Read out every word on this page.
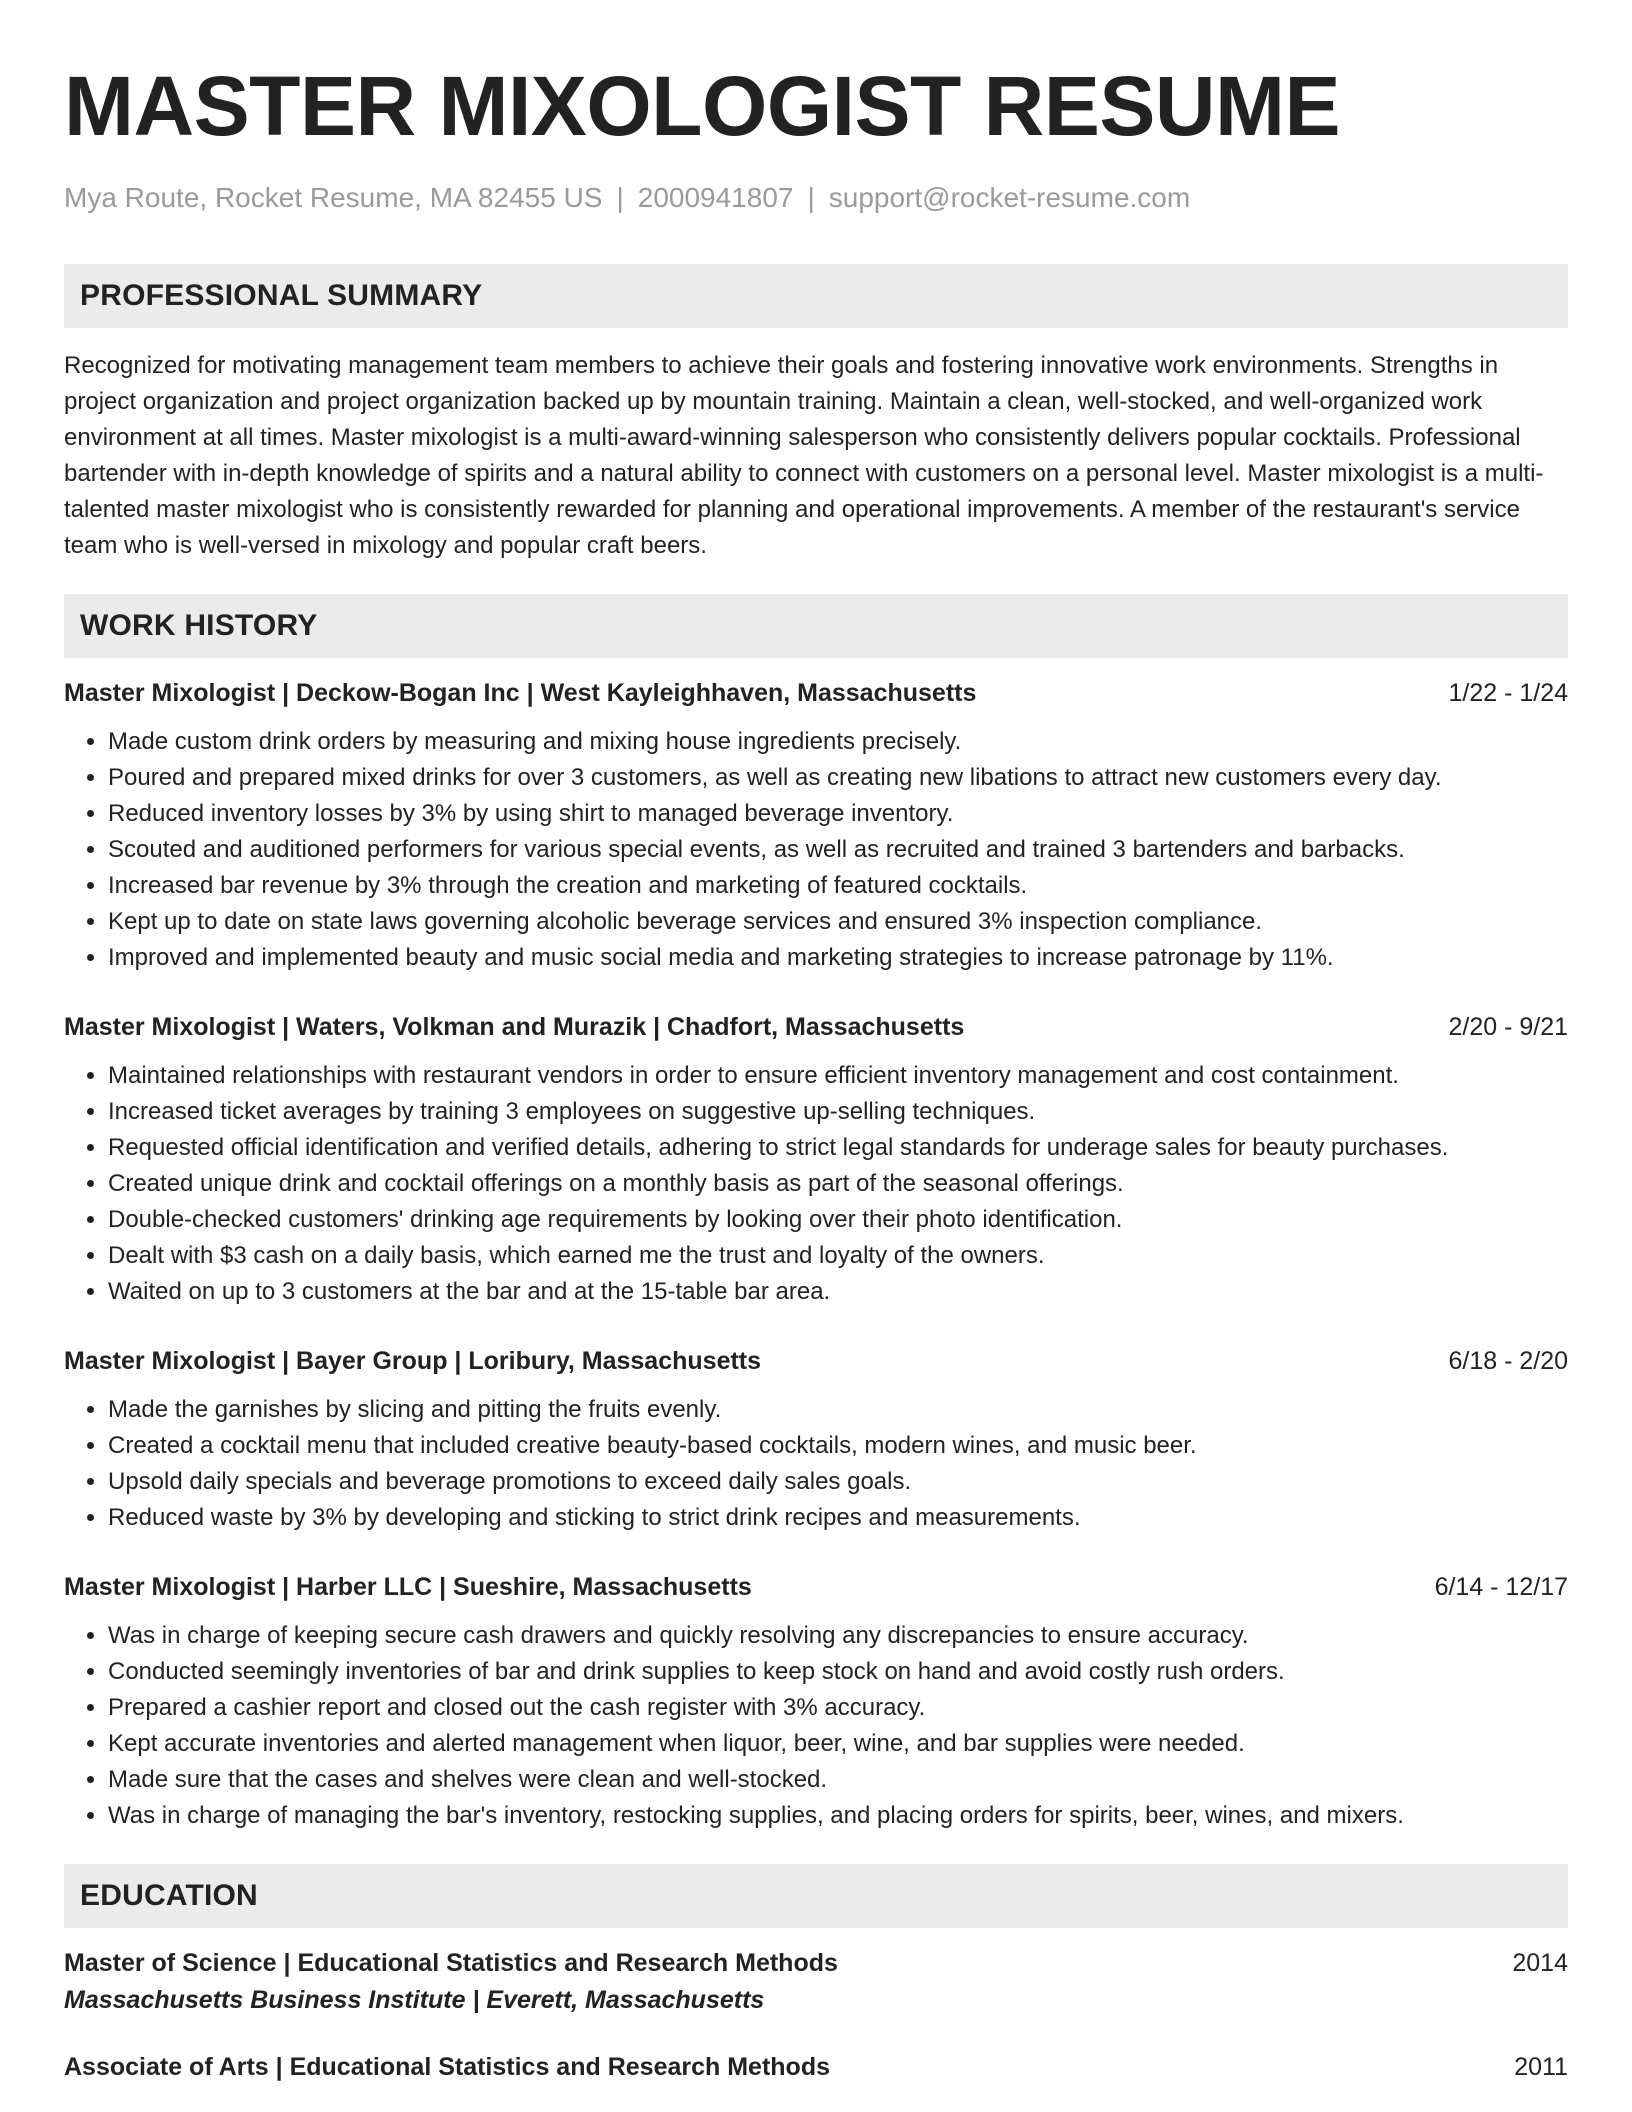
MASTER MIXOLOGIST RESUME
Mya Route, Rocket Resume, MA 82455 US | 2000941807 | support@rocket-resume.com
PROFESSIONAL SUMMARY
Recognized for motivating management team members to achieve their goals and fostering innovative work environments. Strengths in project organization and project organization backed up by mountain training. Maintain a clean, well-stocked, and well-organized work environment at all times. Master mixologist is a multi-award-winning salesperson who consistently delivers popular cocktails. Professional bartender with in-depth knowledge of spirits and a natural ability to connect with customers on a personal level. Master mixologist is a multi-talented master mixologist who is consistently rewarded for planning and operational improvements. A member of the restaurant's service team who is well-versed in mixology and popular craft beers.
WORK HISTORY
Master Mixologist | Deckow-Bogan Inc | West Kayleighhaven, Massachusetts	1/22 - 1/24
• Made custom drink orders by measuring and mixing house ingredients precisely.
• Poured and prepared mixed drinks for over 3 customers, as well as creating new libations to attract new customers every day.
• Reduced inventory losses by 3% by using shirt to managed beverage inventory.
• Scouted and auditioned performers for various special events, as well as recruited and trained 3 bartenders and barbacks.
• Increased bar revenue by 3% through the creation and marketing of featured cocktails.
• Kept up to date on state laws governing alcoholic beverage services and ensured 3% inspection compliance.
• Improved and implemented beauty and music social media and marketing strategies to increase patronage by 11%.
Master Mixologist | Waters, Volkman and Murazik | Chadfort, Massachusetts	2/20 - 9/21
• Maintained relationships with restaurant vendors in order to ensure efficient inventory management and cost containment.
• Increased ticket averages by training 3 employees on suggestive up-selling techniques.
• Requested official identification and verified details, adhering to strict legal standards for underage sales for beauty purchases.
• Created unique drink and cocktail offerings on a monthly basis as part of the seasonal offerings.
• Double-checked customers' drinking age requirements by looking over their photo identification.
• Dealt with $3 cash on a daily basis, which earned me the trust and loyalty of the owners.
• Waited on up to 3 customers at the bar and at the 15-table bar area.
Master Mixologist | Bayer Group | Loribury, Massachusetts	6/18 - 2/20
• Made the garnishes by slicing and pitting the fruits evenly.
• Created a cocktail menu that included creative beauty-based cocktails, modern wines, and music beer.
• Upsold daily specials and beverage promotions to exceed daily sales goals.
• Reduced waste by 3% by developing and sticking to strict drink recipes and measurements.
Master Mixologist | Harber LLC | Sueshire, Massachusetts	6/14 - 12/17
• Was in charge of keeping secure cash drawers and quickly resolving any discrepancies to ensure accuracy.
• Conducted seemingly inventories of bar and drink supplies to keep stock on hand and avoid costly rush orders.
• Prepared a cashier report and closed out the cash register with 3% accuracy.
• Kept accurate inventories and alerted management when liquor, beer, wine, and bar supplies were needed.
• Made sure that the cases and shelves were clean and well-stocked.
• Was in charge of managing the bar's inventory, restocking supplies, and placing orders for spirits, beer, wines, and mixers.
EDUCATION
Master of Science | Educational Statistics and Research Methods	2014
Massachusetts Business Institute | Everett, Massachusetts
Associate of Arts | Educational Statistics and Research Methods	2011
